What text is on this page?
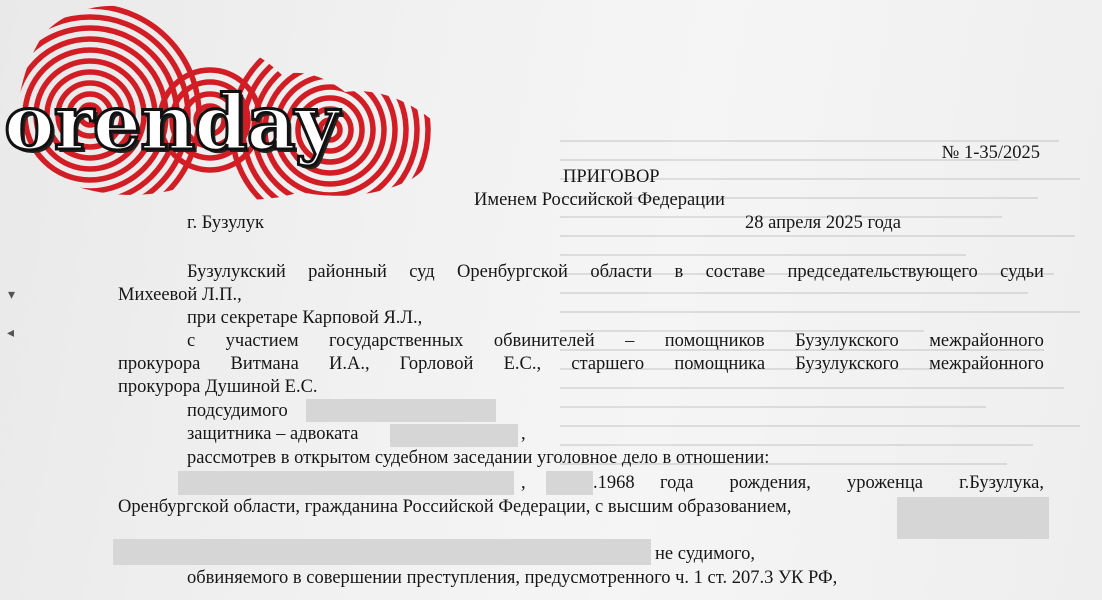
orenday	№ 1-35/2025
ПРИГОВОР
Именем Российской Федерации
г. Бузулук	28 апреля 2025 года
Бузулукский районный суд Оренбургской области в составе председательствующего судьи
Михеевой Л.П.,
при секретаре Карповой Я.Л.,
с участием государственных обвинителей – помощников Бузулукского межрайонного
прокурора Витмана И.А., Горловой Е.С., старшего помощника Бузулукского межрайонного
прокурора Душиной Е.С.
подсудимого
защитника – адвоката	,
рассмотрев в открытом судебном заседании уголовное дело в отношении:
,	.1968 года рождения, уроженца г.Бузулука,
Оренбургской области, гражданина Российской Федерации, с высшим образованием,
не судимого,
обвиняемого в совершении преступления, предусмотренного ч. 1 ст. 207.3 УК РФ,
▾
◂
